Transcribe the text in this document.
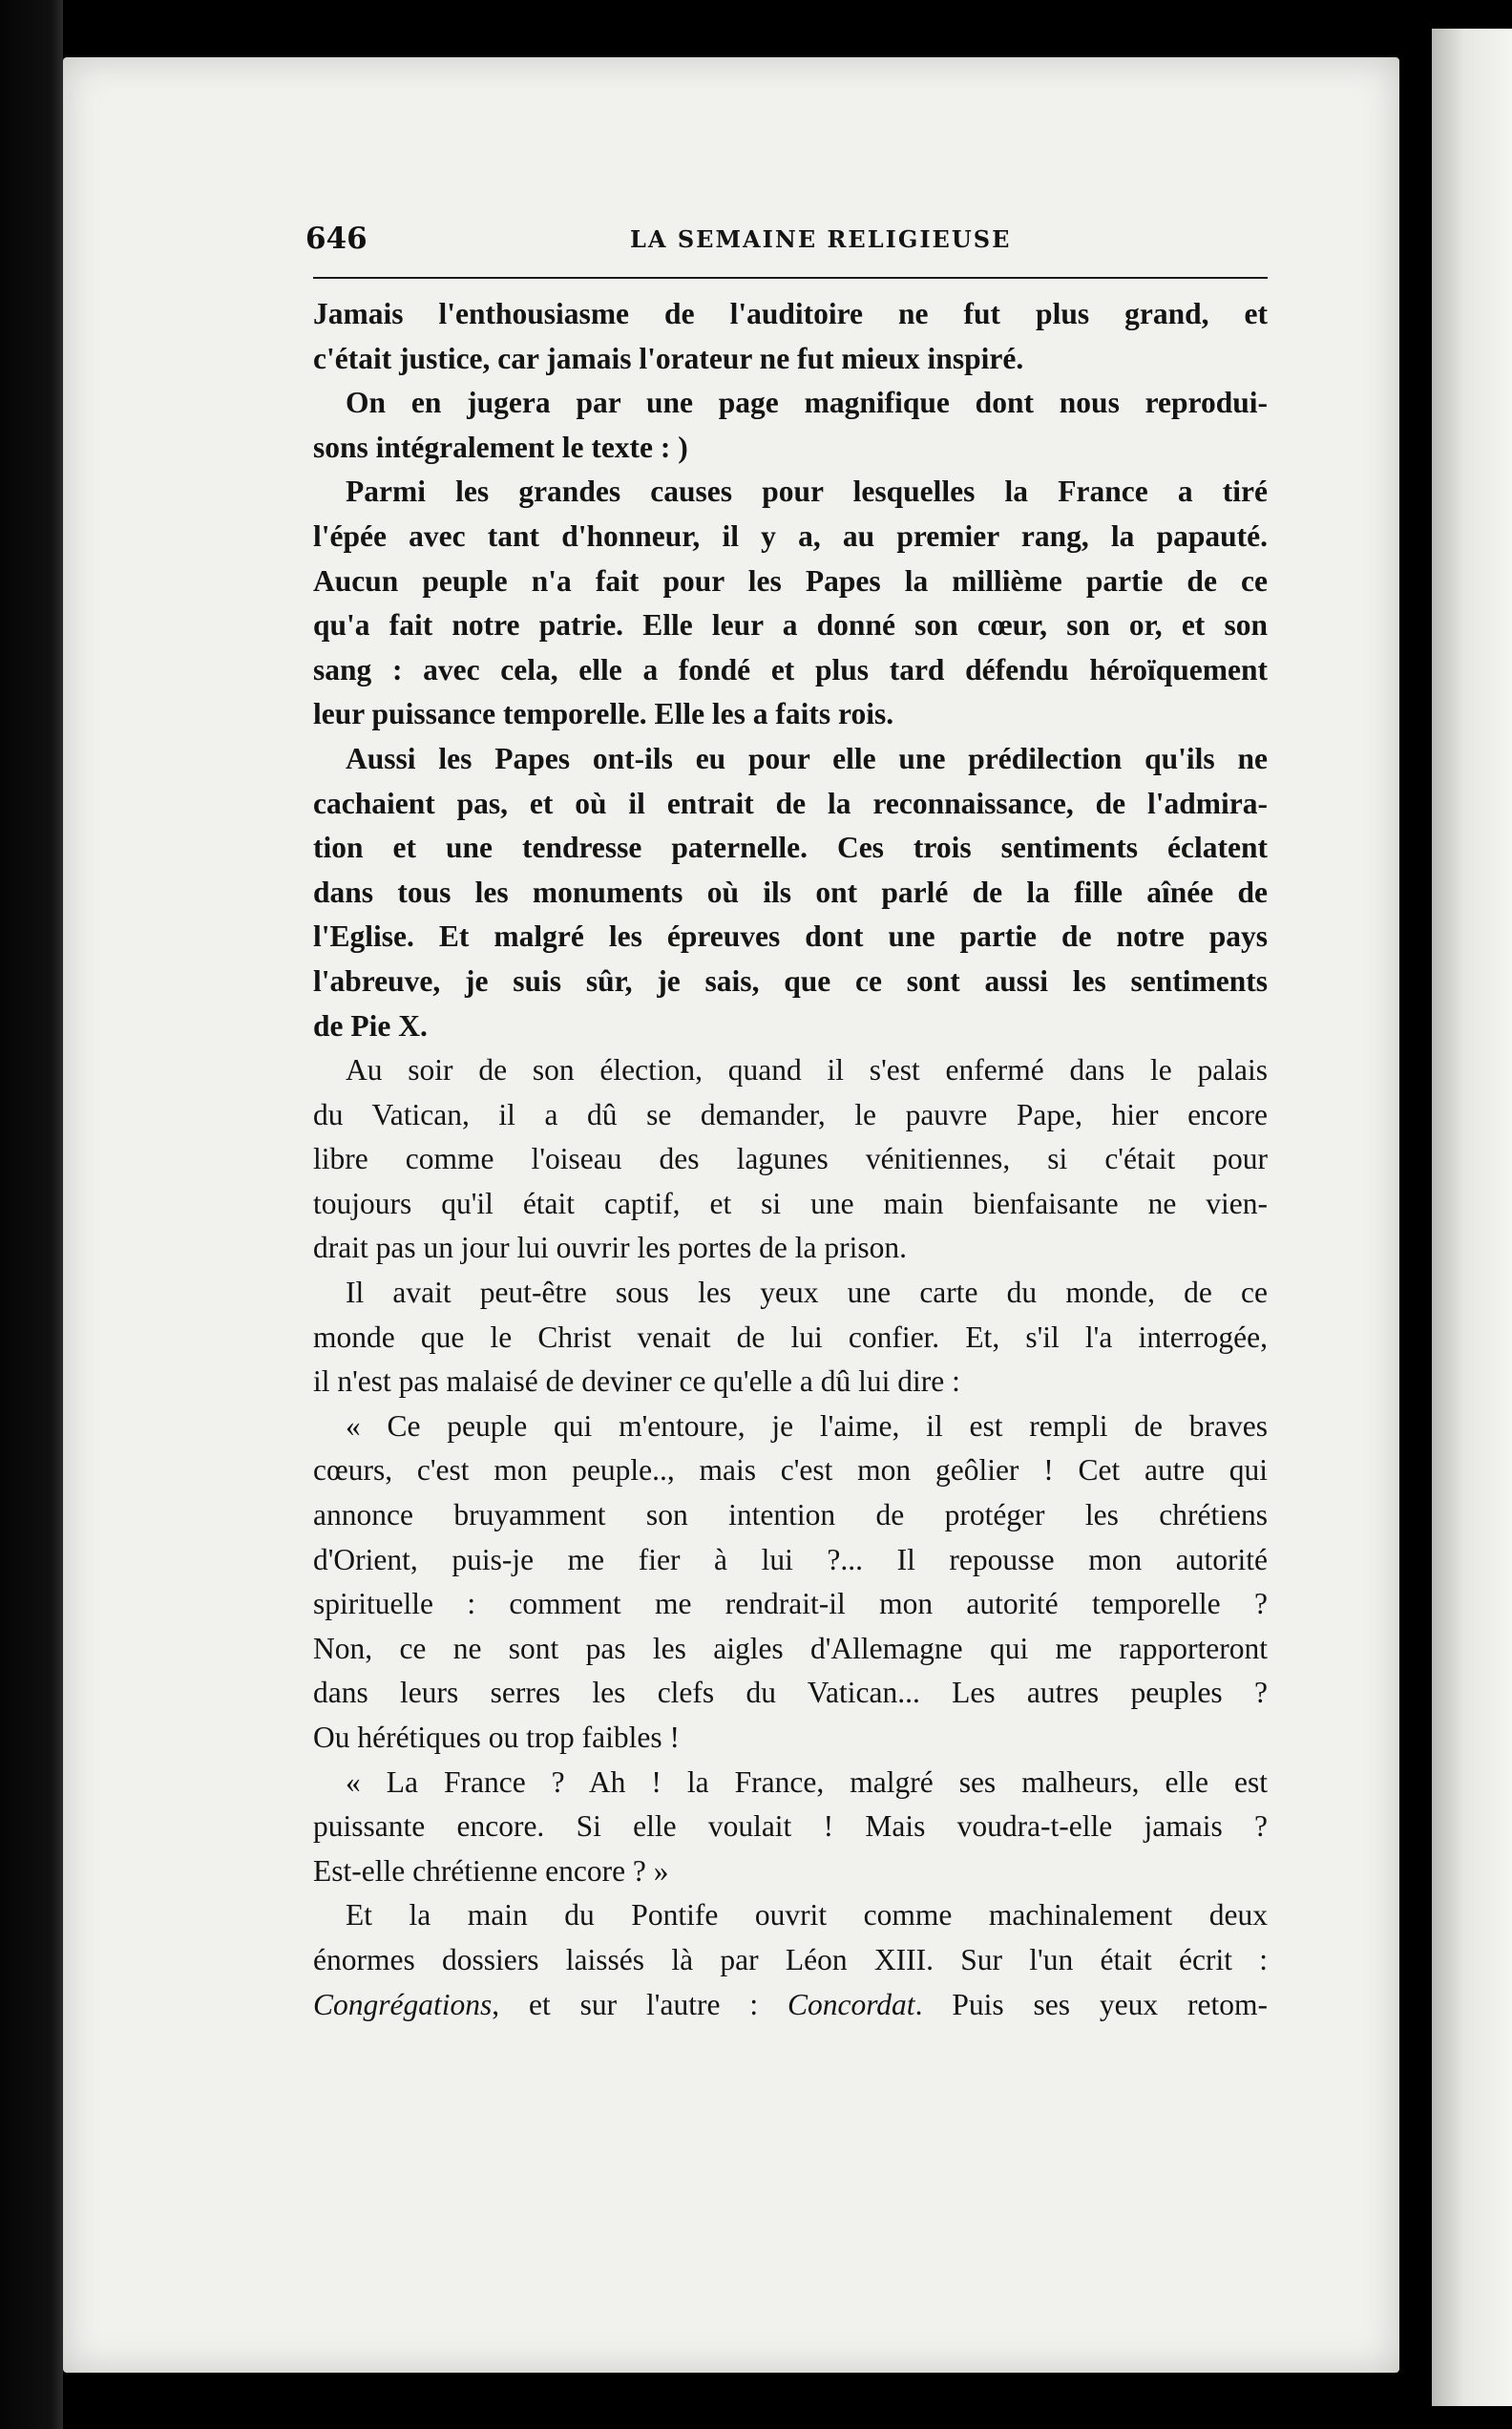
646	LA SEMAINE RELIGIEUSE
Jamais l'enthousiasme de l'auditoire ne fut plus grand, et
c'était justice, car jamais l'orateur ne fut mieux inspiré.
On en jugera par une page magnifique dont nous reprodui-
sons intégralement le texte : )
Parmi les grandes causes pour lesquelles la France a tiré
l'épée avec tant d'honneur, il y a, au premier rang, la papauté.
Aucun peuple n'a fait pour les Papes la millième partie de ce
qu'a fait notre patrie. Elle leur a donné son cœur, son or, et son
sang : avec cela, elle a fondé et plus tard défendu héroïquement
leur puissance temporelle. Elle les a faits rois.
Aussi les Papes ont-ils eu pour elle une prédilection qu'ils ne
cachaient pas, et où il entrait de la reconnaissance, de l'admira-
tion et une tendresse paternelle. Ces trois sentiments éclatent
dans tous les monuments où ils ont parlé de la fille aînée de
l'Eglise. Et malgré les épreuves dont une partie de notre pays
l'abreuve, je suis sûr, je sais, que ce sont aussi les sentiments
de Pie X.
Au soir de son élection, quand il s'est enfermé dans le palais
du Vatican, il a dû se demander, le pauvre Pape, hier encore
libre comme l'oiseau des lagunes vénitiennes, si c'était pour
toujours qu'il était captif, et si une main bienfaisante ne vien-
drait pas un jour lui ouvrir les portes de la prison.
Il avait peut-être sous les yeux une carte du monde, de ce
monde que le Christ venait de lui confier. Et, s'il l'a interrogée,
il n'est pas malaisé de deviner ce qu'elle a dû lui dire :
« Ce peuple qui m'entoure, je l'aime, il est rempli de braves
cœurs, c'est mon peuple.., mais c'est mon geôlier ! Cet autre qui
annonce bruyamment son intention de protéger les chrétiens
d'Orient, puis-je me fier à lui ?... Il repousse mon autorité
spirituelle : comment me rendrait-il mon autorité temporelle ?
Non, ce ne sont pas les aigles d'Allemagne qui me rapporteront
dans leurs serres les clefs du Vatican... Les autres peuples ?
Ou hérétiques ou trop faibles !
« La France ? Ah ! la France, malgré ses malheurs, elle est
puissante encore. Si elle voulait ! Mais voudra-t-elle jamais ?
Est-elle chrétienne encore ? »
Et la main du Pontife ouvrit comme machinalement deux
énormes dossiers laissés là par Léon XIII. Sur l'un était écrit :
Congrégations, et sur l'autre : Concordat. Puis ses yeux retom-
